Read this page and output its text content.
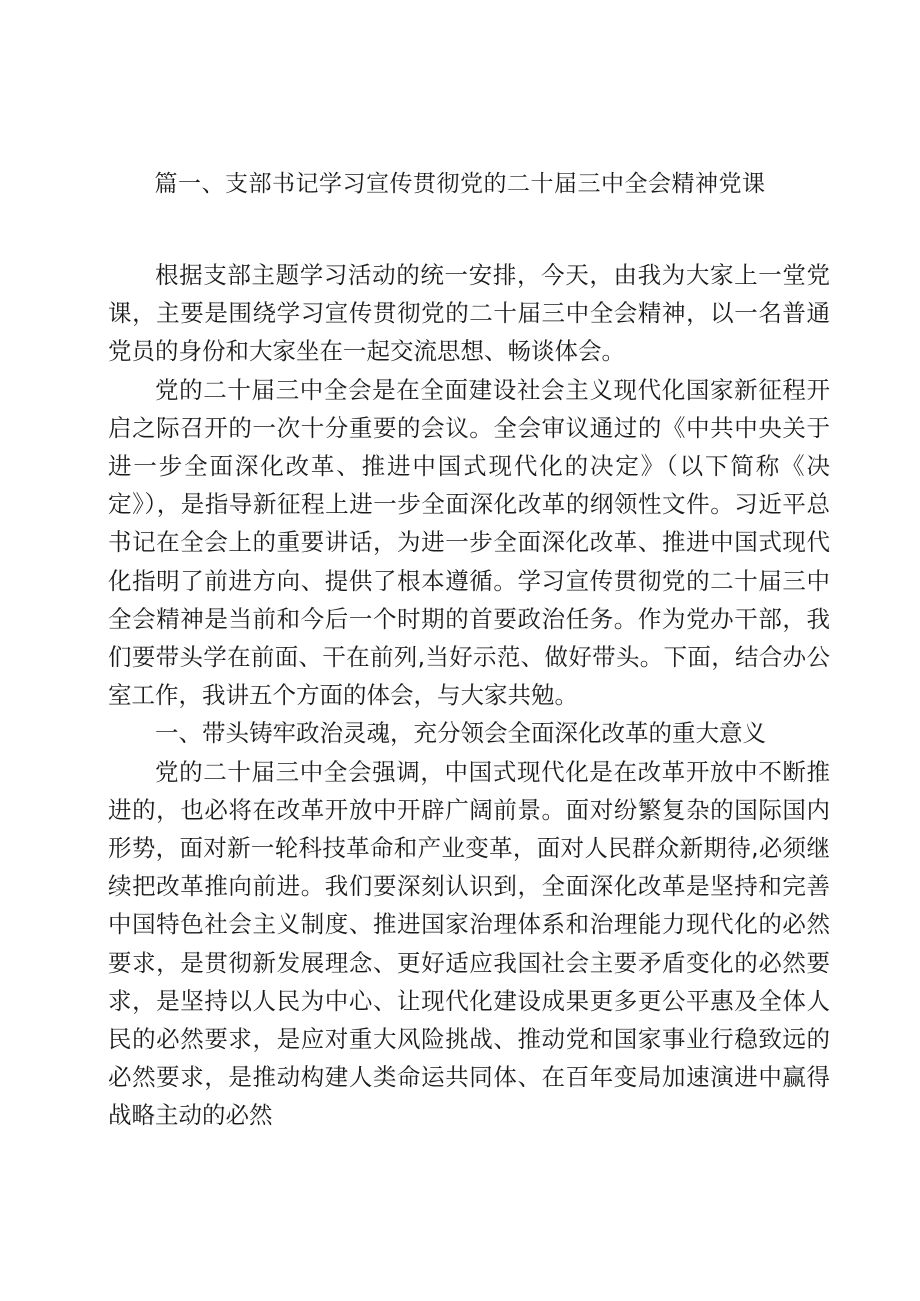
篇一、支部书记学习宣传贯彻党的二十届三中全会精神党课

根据支部主题学习活动的统一安排，今天，由我为大家上一堂党课，主要是围绕学习宣传贯彻党的二十届三中全会精神，以一名普通党员的身份和大家坐在一起交流思想、畅谈体会。

党的二十届三中全会是在全面建设社会主义现代化国家新征程开启之际召开的一次十分重要的会议。全会审议通过的《中共中央关于进一步全面深化改革、推进中国式现代化的决定》（以下简称《决定》），是指导新征程上进一步全面深化改革的纲领性文件。习近平总书记在全会上的重要讲话，为进一步全面深化改革、推进中国式现代化指明了前进方向、提供了根本遵循。学习宣传贯彻党的二十届三中全会精神是当前和今后一个时期的首要政治任务。作为党办干部，我们要带头学在前面、干在前列,当好示范、做好带头。下面，结合办公室工作，我讲五个方面的体会，与大家共勉。

一、带头铸牢政治灵魂，充分领会全面深化改革的重大意义

党的二十届三中全会强调，中国式现代化是在改革开放中不断推进的，也必将在改革开放中开辟广阔前景。面对纷繁复杂的国际国内形势，面对新一轮科技革命和产业变革，面对人民群众新期待,必须继续把改革推向前进。我们要深刻认识到，全面深化改革是坚持和完善中国特色社会主义制度、推进国家治理体系和治理能力现代化的必然要求，是贯彻新发展理念、更好适应我国社会主要矛盾变化的必然要求，是坚持以人民为中心、让现代化建设成果更多更公平惠及全体人民的必然要求，是应对重大风险挑战、推动党和国家事业行稳致远的必然要求，是推动构建人类命运共同体、在百年变局加速演进中赢得战略主动的必然
